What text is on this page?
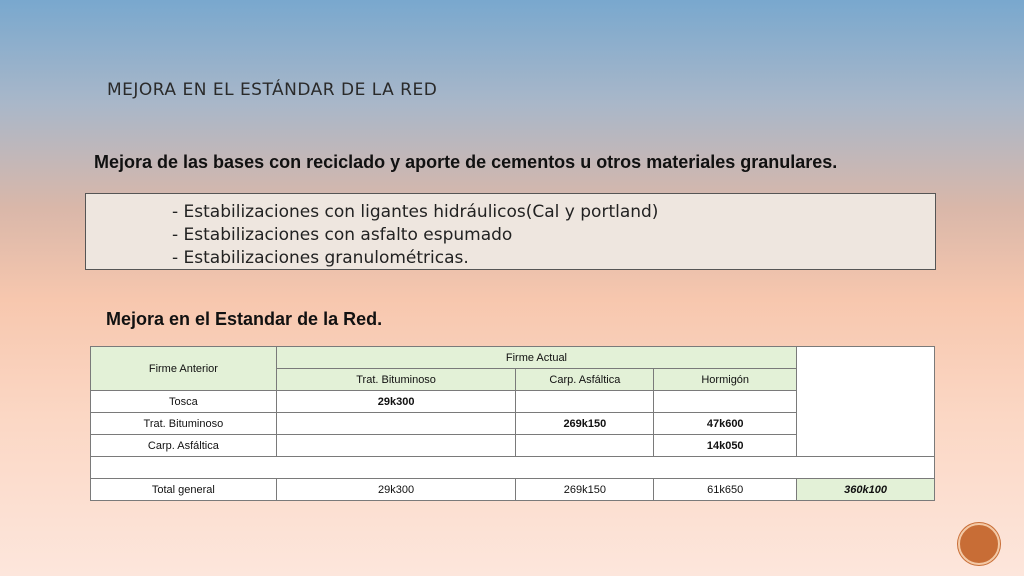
MEJORA EN EL ESTÁNDAR DE LA RED
Mejora de las bases con reciclado y aporte de cementos u otros materiales granulares.
- Estabilizaciones con ligantes hidráulicos(Cal y portland)
- Estabilizaciones con asfalto espumado
- Estabilizaciones granulométricas.
Mejora en el Estandar de la Red.
Firme Anterior	Firme Actual			
	Trat. Bituminoso	Carp. Asfáltica	Hormigón	
Tosca	29k300			
Trat. Bituminoso		269k150	47k600	
Carp. Asfáltica			14k050	

Total general	29k300	269k150	61k650	360k100
